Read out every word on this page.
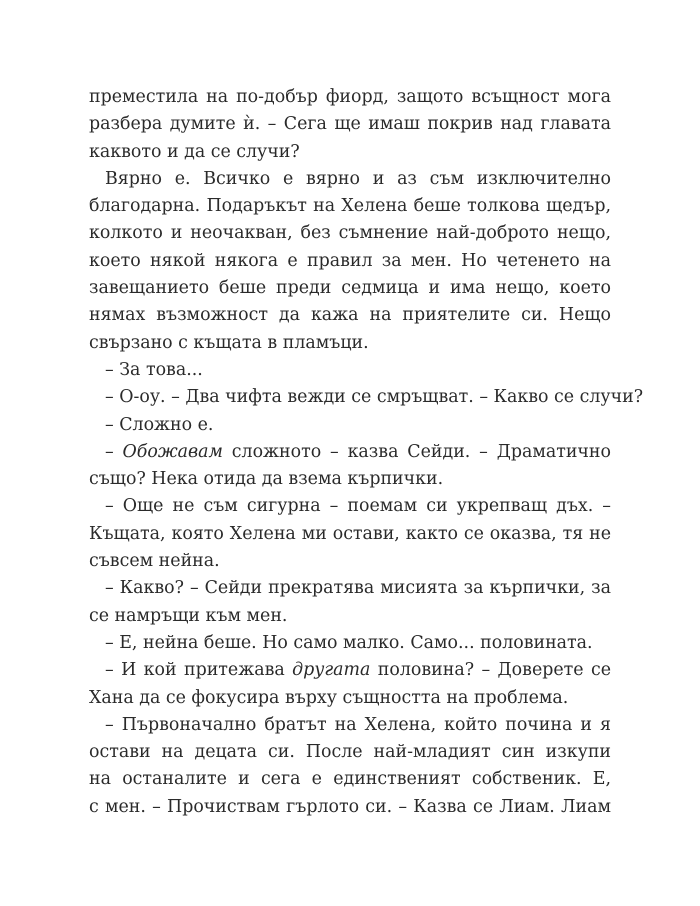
преместила на по-добър фиорд, защото всъщност мога
разбера думите ѝ. – Сега ще имаш покрив над главата
каквото и да се случи?
Вярно е. Всичко е вярно и аз съм изключително
благодарна. Подаръкът на Хелена беше толкова щедър,
колкото и неочакван, без съмнение най-доброто нещо,
което някой някога е правил за мен. Но четенето на
завещанието беше преди седмица и има нещо, което
нямах възможност да кажа на приятелите си. Нещо
свързано с къщата в пламъци.
– За това...
– О-оу. – Два чифта вежди се смръщват. – Какво се случи?
– Сложно е.
– Обожавам сложното – казва Сейди. – Драматично
също? Нека отида да взема кърпички.
– Още не съм сигурна – поемам си укрепващ дъх. –
Къщата, която Хелена ми остави, както се оказва, тя не
съвсем нейна.
– Какво? – Сейди прекратява мисията за кърпички, за
се намръщи към мен.
– Е, нейна беше. Но само малко. Само... половината.
– И кой притежава другата половина? – Доверете се
Хана да се фокусира върху същността на проблема.
– Първоначално братът на Хелена, който почина и я
остави на децата си. После най-младият син изкупи
на останалите и сега е единственият собственик. Е,
с мен. – Прочиствам гърлото си. – Казва се Лиам. Лиам
